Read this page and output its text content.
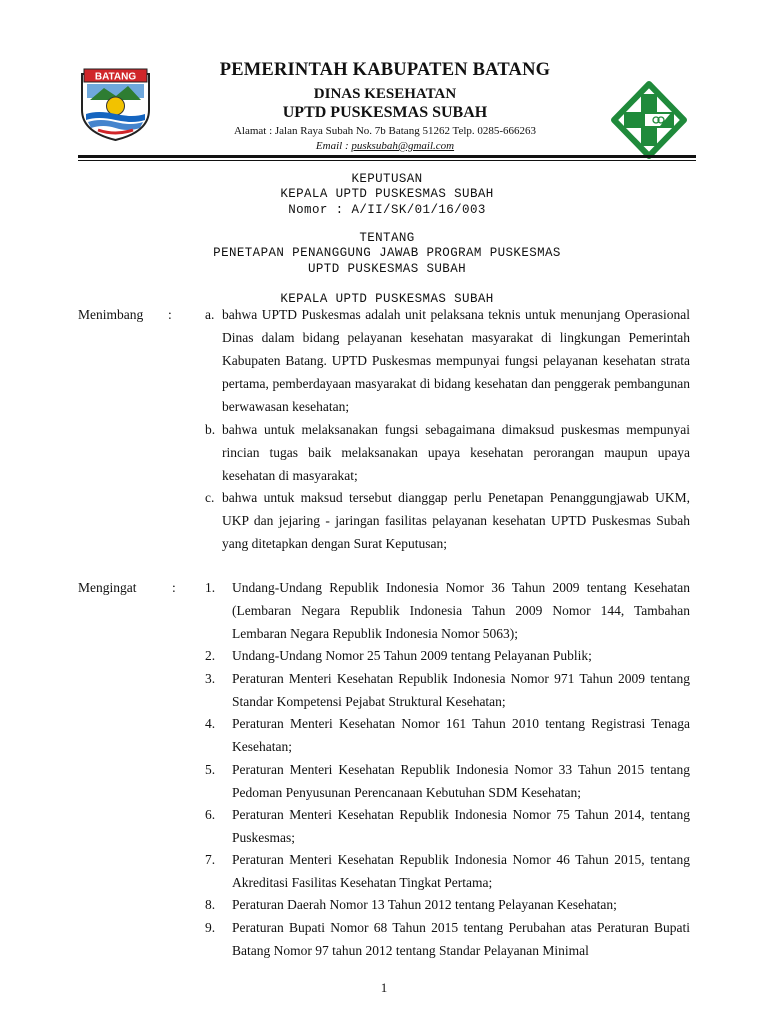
BATANG	PEMERINTAH KABUPATEN BATANG
DINAS KESEHATAN
UPTD PUSKESMAS SUBAH
Alamat : Jalan Raya Subah No. 7b Batang 51262 Telp. 0285-666263
Email : pusksubah@gmail.com
KEPUTUSAN
KEPALA UPTD PUSKESMAS SUBAH
Nomor : A/II/SK/01/16/003
TENTANG
PENETAPAN PENANGGUNG JAWAB PROGRAM PUSKESMAS
UPTD PUSKESMAS SUBAH
KEPALA UPTD PUSKESMAS SUBAH
Menimbang : a. bahwa UPTD Puskesmas adalah unit pelaksana teknis untuk menunjang Operasional Dinas dalam bidang pelayanan kesehatan masyarakat di lingkungan Pemerintah Kabupaten Batang. UPTD Puskesmas mempunyai fungsi pelayanan kesehatan strata pertama, pemberdayaan masyarakat di bidang kesehatan dan penggerak pembangunan berwawasan kesehatan;
b. bahwa untuk melaksanakan fungsi sebagaimana dimaksud puskesmas mempunyai rincian tugas baik melaksanakan upaya kesehatan perorangan maupun upaya kesehatan di masyarakat;
c. bahwa untuk maksud tersebut dianggap perlu Penetapan Penanggungjawab UKM, UKP dan jejaring - jaringan fasilitas pelayanan kesehatan UPTD Puskesmas Subah yang ditetapkan dengan Surat Keputusan;
Mengingat	: 1. Undang-Undang Republik Indonesia Nomor 36 Tahun 2009 tentang Kesehatan (Lembaran Negara Republik Indonesia Tahun 2009 Nomor 144, Tambahan Lembaran Negara Republik Indonesia Nomor 5063);
2. Undang-Undang Nomor 25 Tahun 2009 tentang Pelayanan Publik;
3. Peraturan Menteri Kesehatan Republik Indonesia Nomor 971 Tahun 2009 tentang Standar Kompetensi Pejabat Struktural Kesehatan;
4. Peraturan Menteri Kesehatan Nomor 161 Tahun 2010 tentang Registrasi Tenaga Kesehatan;
5. Peraturan Menteri Kesehatan Republik Indonesia Nomor 33 Tahun 2015 tentang Pedoman Penyusunan Perencanaan Kebutuhan SDM Kesehatan;
6. Peraturan Menteri Kesehatan Republik Indonesia Nomor 75 Tahun 2014, tentang Puskesmas;
7. Peraturan Menteri Kesehatan Republik Indonesia Nomor 46 Tahun 2015, tentang Akreditasi Fasilitas Kesehatan Tingkat Pertama;
8. Peraturan Daerah Nomor 13 Tahun 2012 tentang Pelayanan Kesehatan;
9. Peraturan Bupati Nomor 68 Tahun 2015 tentang Perubahan atas Peraturan Bupati Batang Nomor 97 tahun 2012 tentang Standar Pelayanan Minimal
1
